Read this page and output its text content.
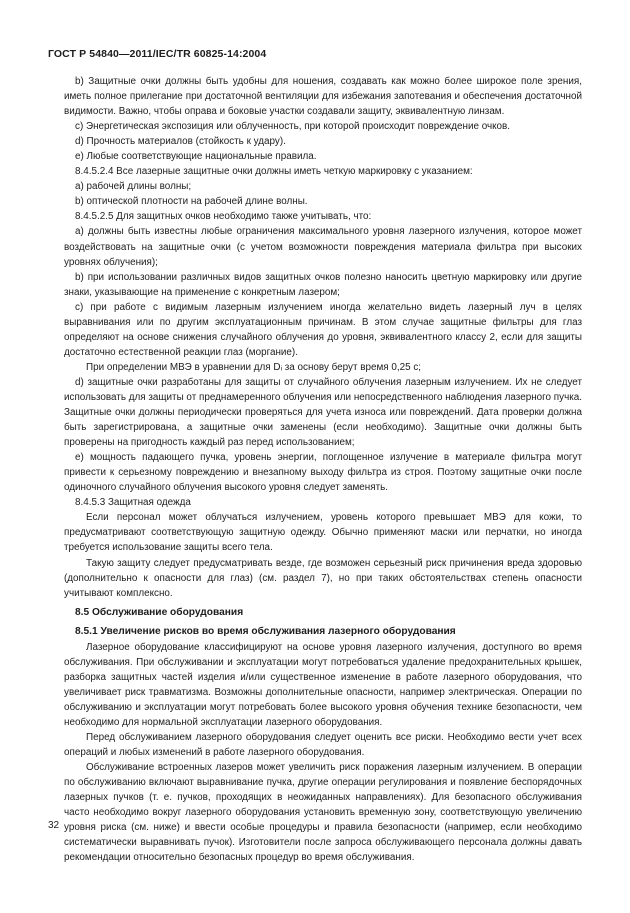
ГОСТ Р 54840—2011/IEC/TR 60825-14:2004

b) Защитные очки должны быть удобны для ношения, создавать как можно более широкое поле зрения, иметь полное прилегание при достаточной вентиляции для избежания запотевания и обеспечения достаточной видимости. Важно, чтобы оправа и боковые участки создавали защиту, эквивалентную линзам.

c) Энергетическая экспозиция или облученность, при которой происходит повреждение очков.

d) Прочность материалов (стойкость к удару).

e) Любые соответствующие национальные правила.

8.4.5.2.4 Все лазерные защитные очки должны иметь четкую маркировку с указанием:

a) рабочей длины волны;

b) оптической плотности на рабочей длине волны.

8.4.5.2.5 Для защитных очков необходимо также учитывать, что:

a) должны быть известны любые ограничения максимального уровня лазерного излучения, которое может воздействовать на защитные очки (с учетом возможности повреждения материала фильтра при высоких уровнях облучения);

b) при использовании различных видов защитных очков полезно наносить цветную маркировку или другие знаки, указывающие на применение с конкретным лазером;

c) при работе с видимым лазерным излучением иногда желательно видеть лазерный луч в целях выравнивания или по другим эксплуатационным причинам. В этом случае защитные фильтры для глаз определяют на основе снижения случайного облучения до уровня, эквивалентного классу 2, если для защиты достаточно естественной реакции глаз (моргание).

При определении МВЭ в уравнении для Dᵢ за основу берут время 0,25 с;

d) защитные очки разработаны для защиты от случайного облучения лазерным излучением. Их не следует использовать для защиты от преднамеренного облучения или непосредственного наблюдения лазерного пучка. Защитные очки должны периодически проверяться для учета износа или повреждений. Дата проверки должна быть зарегистрирована, а защитные очки заменены (если необходимо). Защитные очки должны быть проверены на пригодность каждый раз перед использованием;

e) мощность падающего пучка, уровень энергии, поглощенное излучение в материале фильтра могут привести к серьезному повреждению и внезапному выходу фильтра из строя. Поэтому защитные очки после одиночного случайного облучения высокого уровня следует заменять.

8.4.5.3 Защитная одежда

Если персонал может облучаться излучением, уровень которого превышает МВЭ для кожи, то предусматривают соответствующую защитную одежду. Обычно применяют маски или перчатки, но иногда требуется использование защиты всего тела.

Такую защиту следует предусматривать везде, где возможен серьезный риск причинения вреда здоровью (дополнительно к опасности для глаз) (см. раздел 7), но при таких обстоятельствах степень опасности учитывают комплексно.

8.5 Обслуживание оборудования

8.5.1 Увеличение рисков во время обслуживания лазерного оборудования

Лазерное оборудование классифицируют на основе уровня лазерного излучения, доступного во время обслуживания. При обслуживании и эксплуатации могут потребоваться удаление предохранительных крышек, разборка защитных частей изделия и/или существенное изменение в работе лазерного оборудования, что увеличивает риск травматизма. Возможны дополнительные опасности, например электрическая. Операции по обслуживанию и эксплуатации могут потребовать более высокого уровня обучения технике безопасности, чем необходимо для нормальной эксплуатации лазерного оборудования.

Перед обслуживанием лазерного оборудования следует оценить все риски. Необходимо вести учет всех операций и любых изменений в работе лазерного оборудования.

Обслуживание встроенных лазеров может увеличить риск поражения лазерным излучением. В операции по обслуживанию включают выравнивание пучка, другие операции регулирования и появление беспорядочных лазерных пучков (т. е. пучков, проходящих в неожиданных направлениях). Для безопасного обслуживания часто необходимо вокруг лазерного оборудования установить временную зону, соответствующую увеличению уровня риска (см. ниже) и ввести особые процедуры и правила безопасности (например, если необходимо систематически выравнивать пучок). Изготовители после запроса обслуживающего персонала должны давать рекомендации относительно безопасных процедур во время обслуживания.

32
